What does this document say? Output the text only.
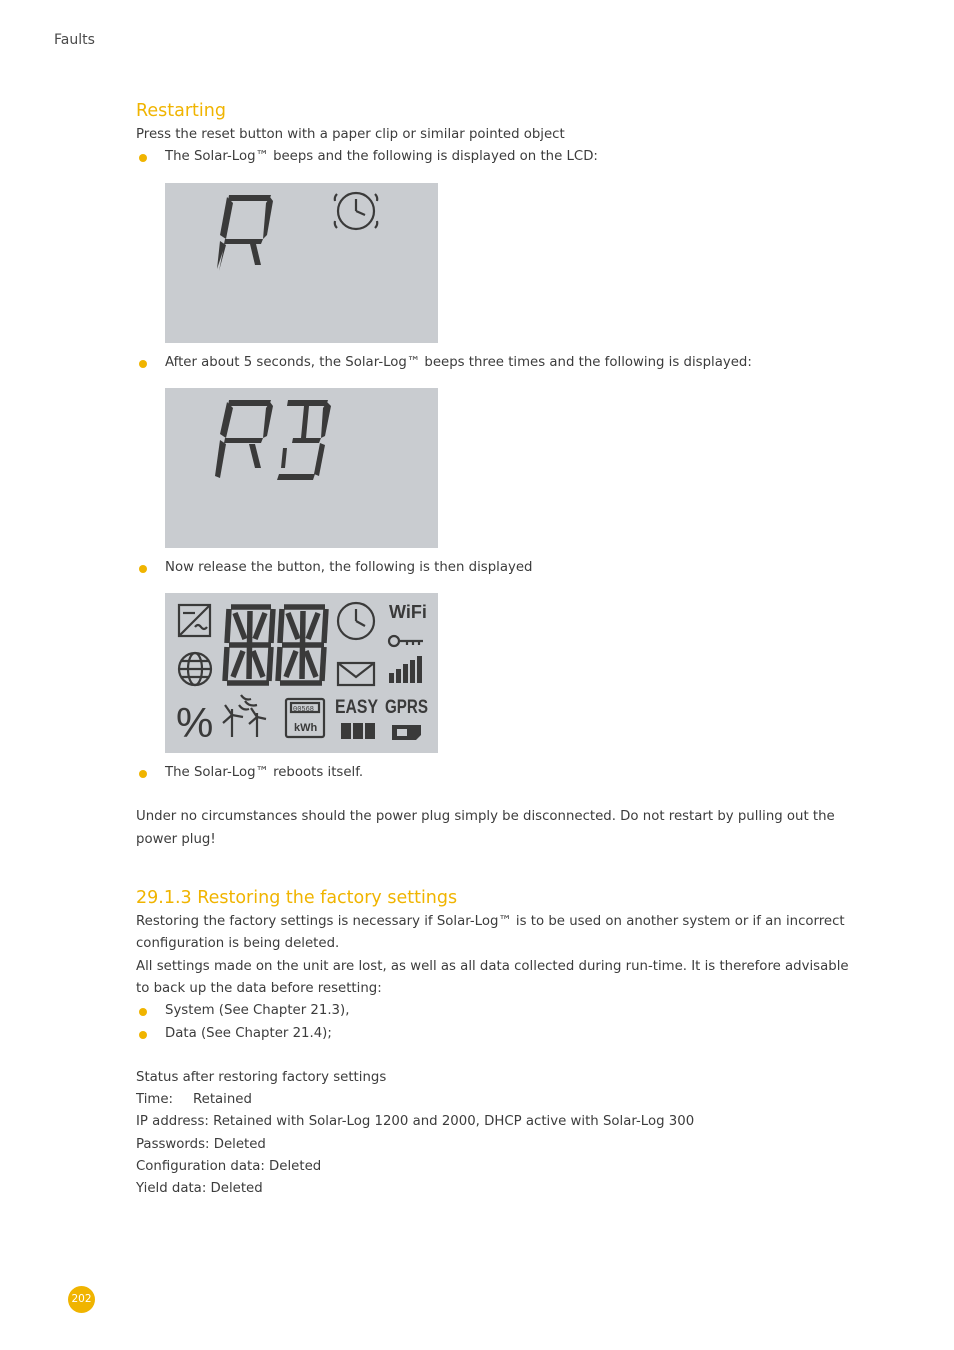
Faults
Restarting

Press the reset button with a paper clip or similar pointed object

The Solar-Log™ beeps and the following is displayed on the LCD:

After about 5 seconds, the Solar-Log™ beeps three times and the following is displayed:

Now release the button, the following is then displayed

%
WiFi
00568
kWh
EASY GPRS

The Solar-Log™ reboots itself.

Under no circumstances should the power plug simply be disconnected. Do not restart by pulling out the power plug!

29.1.3 Restoring the factory settings

Restoring the factory settings is necessary if Solar-Log™ is to be used on another system or if an incorrect configuration is being deleted.

All settings made on the unit are lost, as well as all data collected during run-time. It is therefore advisable to back up the data before resetting:

System (See Chapter 21.3),

Data (See Chapter 21.4);

Status after restoring factory settings

Time: Retained

IP address: Retained with Solar-Log 1200 and 2000, DHCP active with Solar-Log 300

Passwords: Deleted

Configuration data: Deleted

Yield data: Deleted

202
